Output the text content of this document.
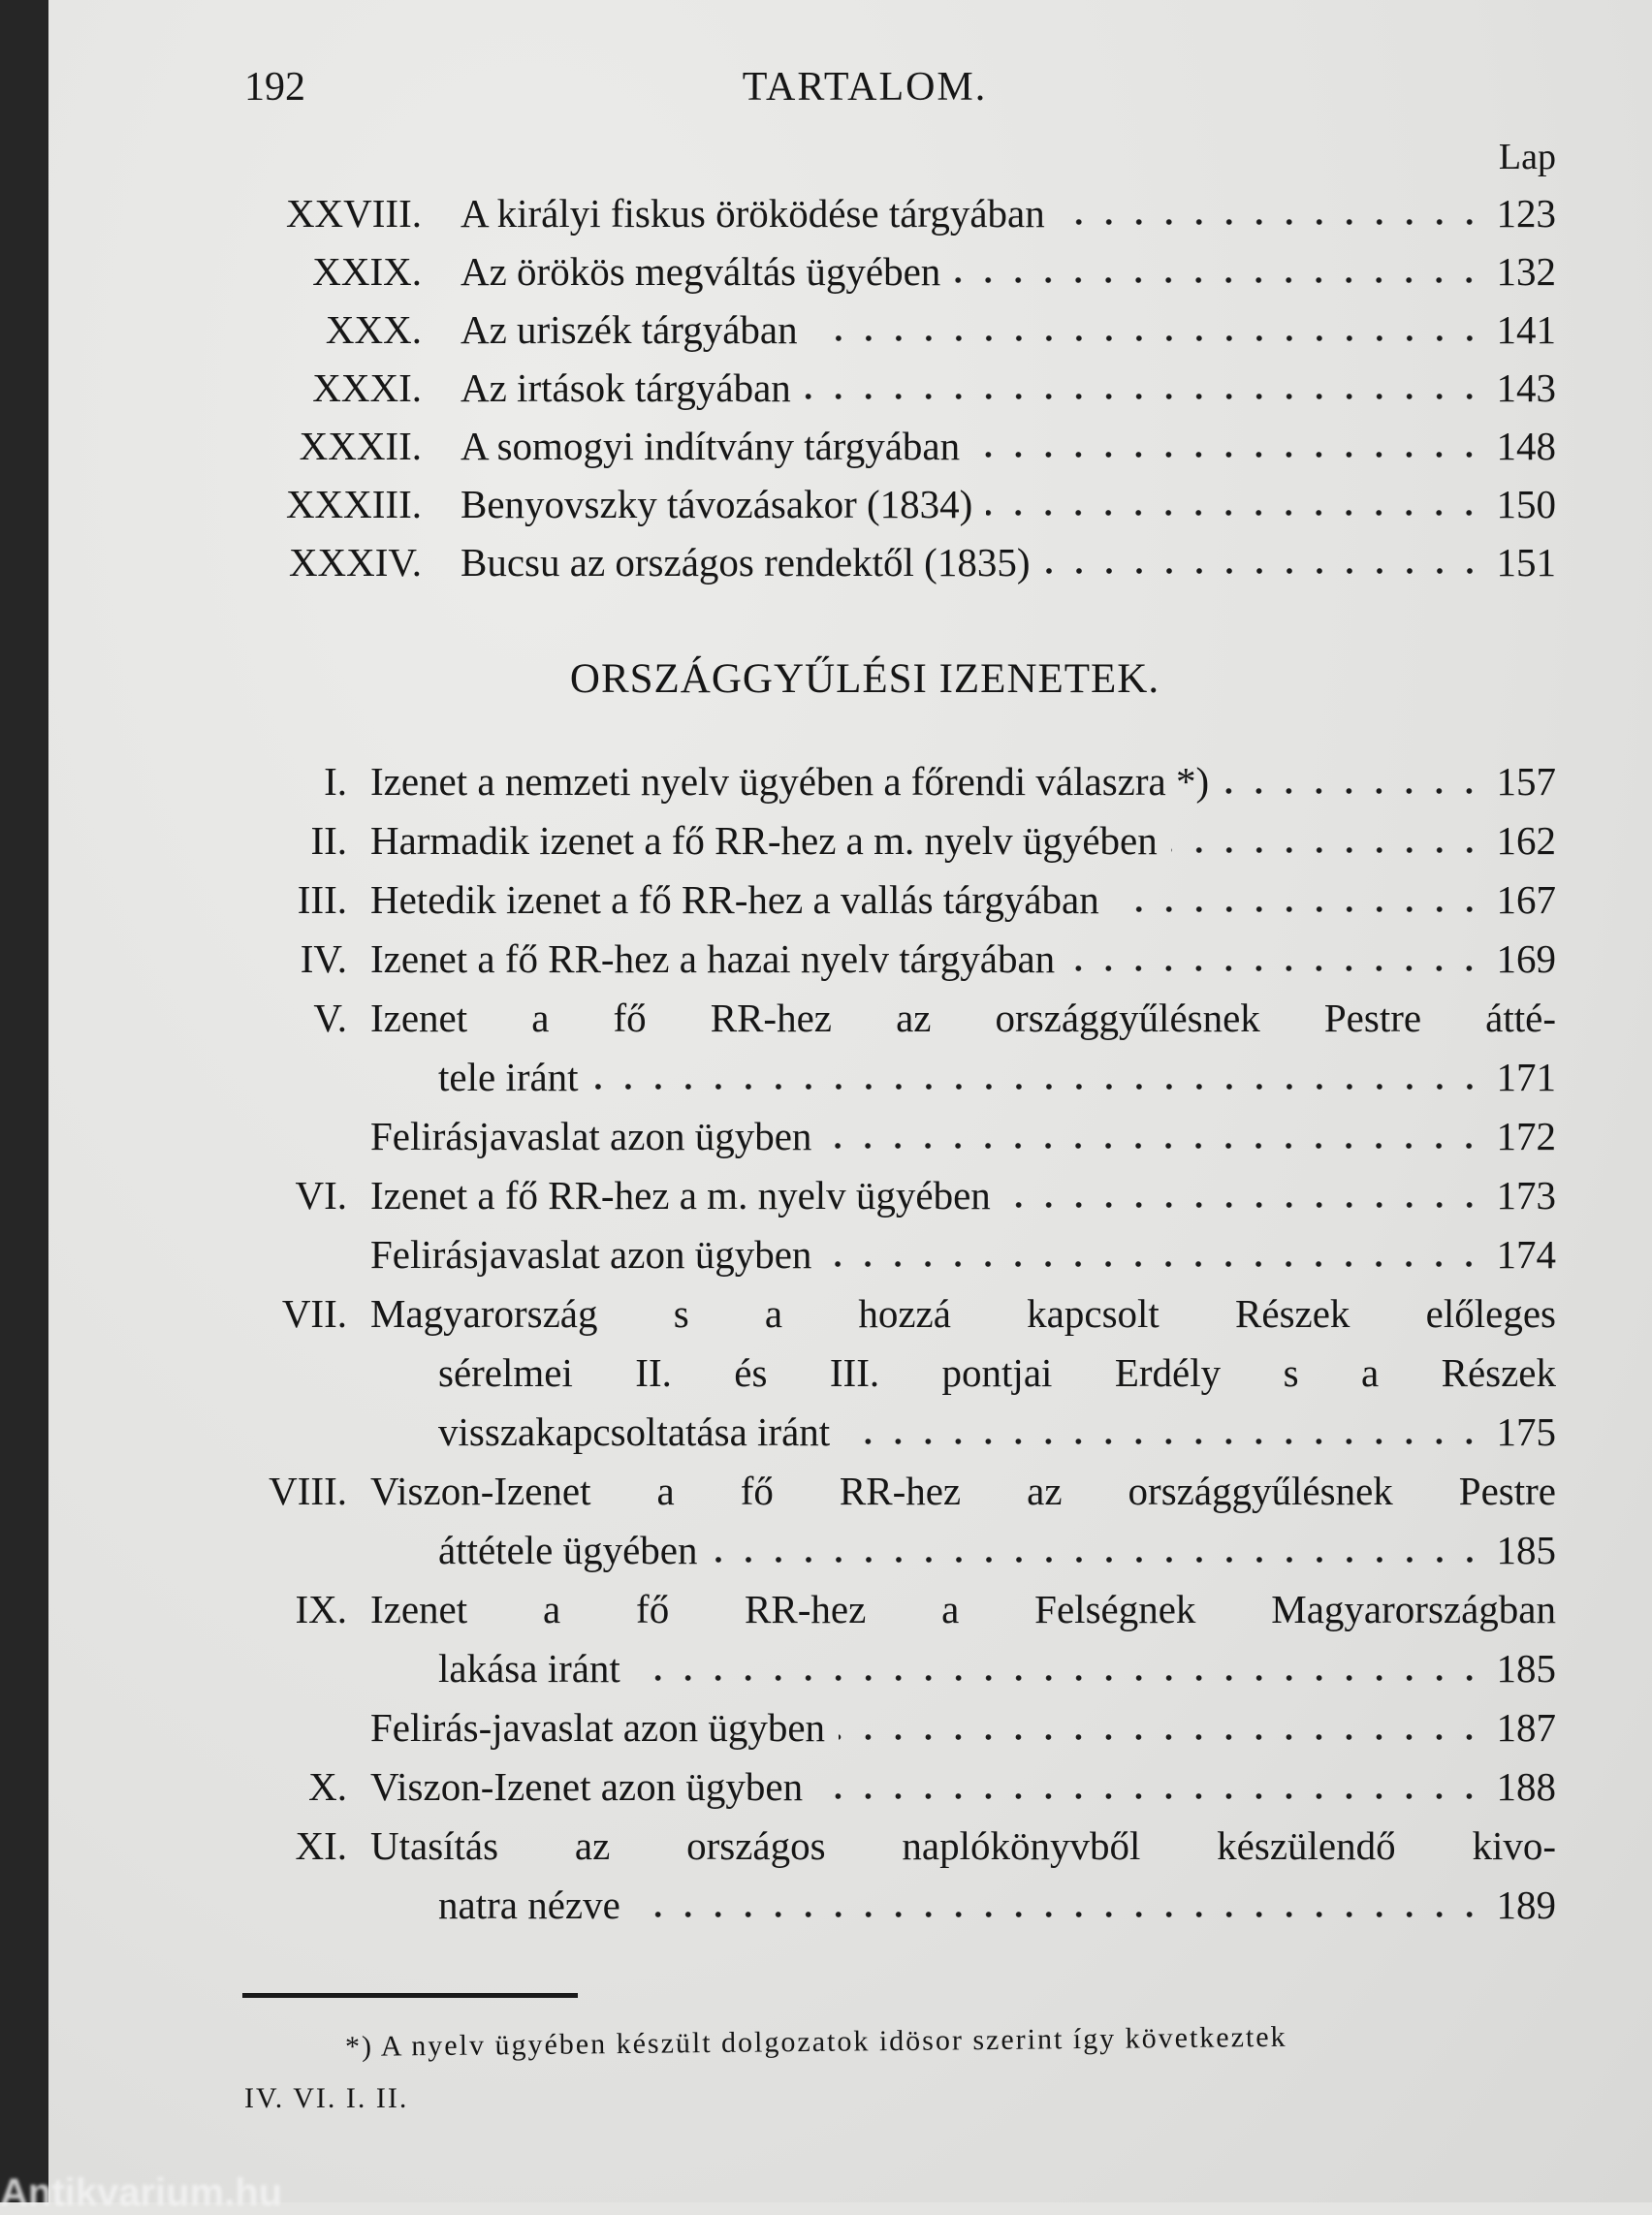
192	TARTALOM.
Lap
XXVIII. A királyi fiskus öröködése tárgyában	123
XXIX. Az örökös megváltás ügyében	132
XXX. Az uriszék tárgyában	141
XXXI. Az irtások tárgyában	143
XXXII. A somogyi indítvány tárgyában	148
XXXIII. Benyovszky távozásakor (1834)	150
XXXIV. Bucsu az országos rendektől (1835)	151
ORSZÁGGYŰLÉSI IZENETEK.
I. Izenet a nemzeti nyelv ügyében a főrendi válaszra *)	157
II. Harmadik izenet a fő RR-hez a m. nyelv ügyében	162
III. Hetedik izenet a fő RR-hez a vallás tárgyában	167
IV. Izenet a fő RR-hez a hazai nyelv tárgyában	169
V. Izenet a fő RR-hez az országgyűlésnek Pestre átté-
tele iránt	171
Felirásjavaslat azon ügyben	172
VI. Izenet a fő RR-hez a m. nyelv ügyében	173
Felirásjavaslat azon ügyben	174
VII. Magyarország s a hozzá kapcsolt Részek előleges
sérelmei II. és III. pontjai Erdély s a Részek
visszakapcsoltatása iránt	175
VIII. Viszon-Izenet a fő RR-hez az országgyűlésnek Pestre
áttétele ügyében	185
IX. Izenet a fő RR-hez a Felségnek Magyarországban
lakása iránt	185
Felirás-javaslat azon ügyben	187
X. Viszon-Izenet azon ügyben	188
XI. Utasítás az országos naplókönyvből készülendő kivo-
natra nézve	189
*) A nyelv ügyében készült dolgozatok idösor szerint így következtek
IV. VI. I. II.
Antikvarium.hu
